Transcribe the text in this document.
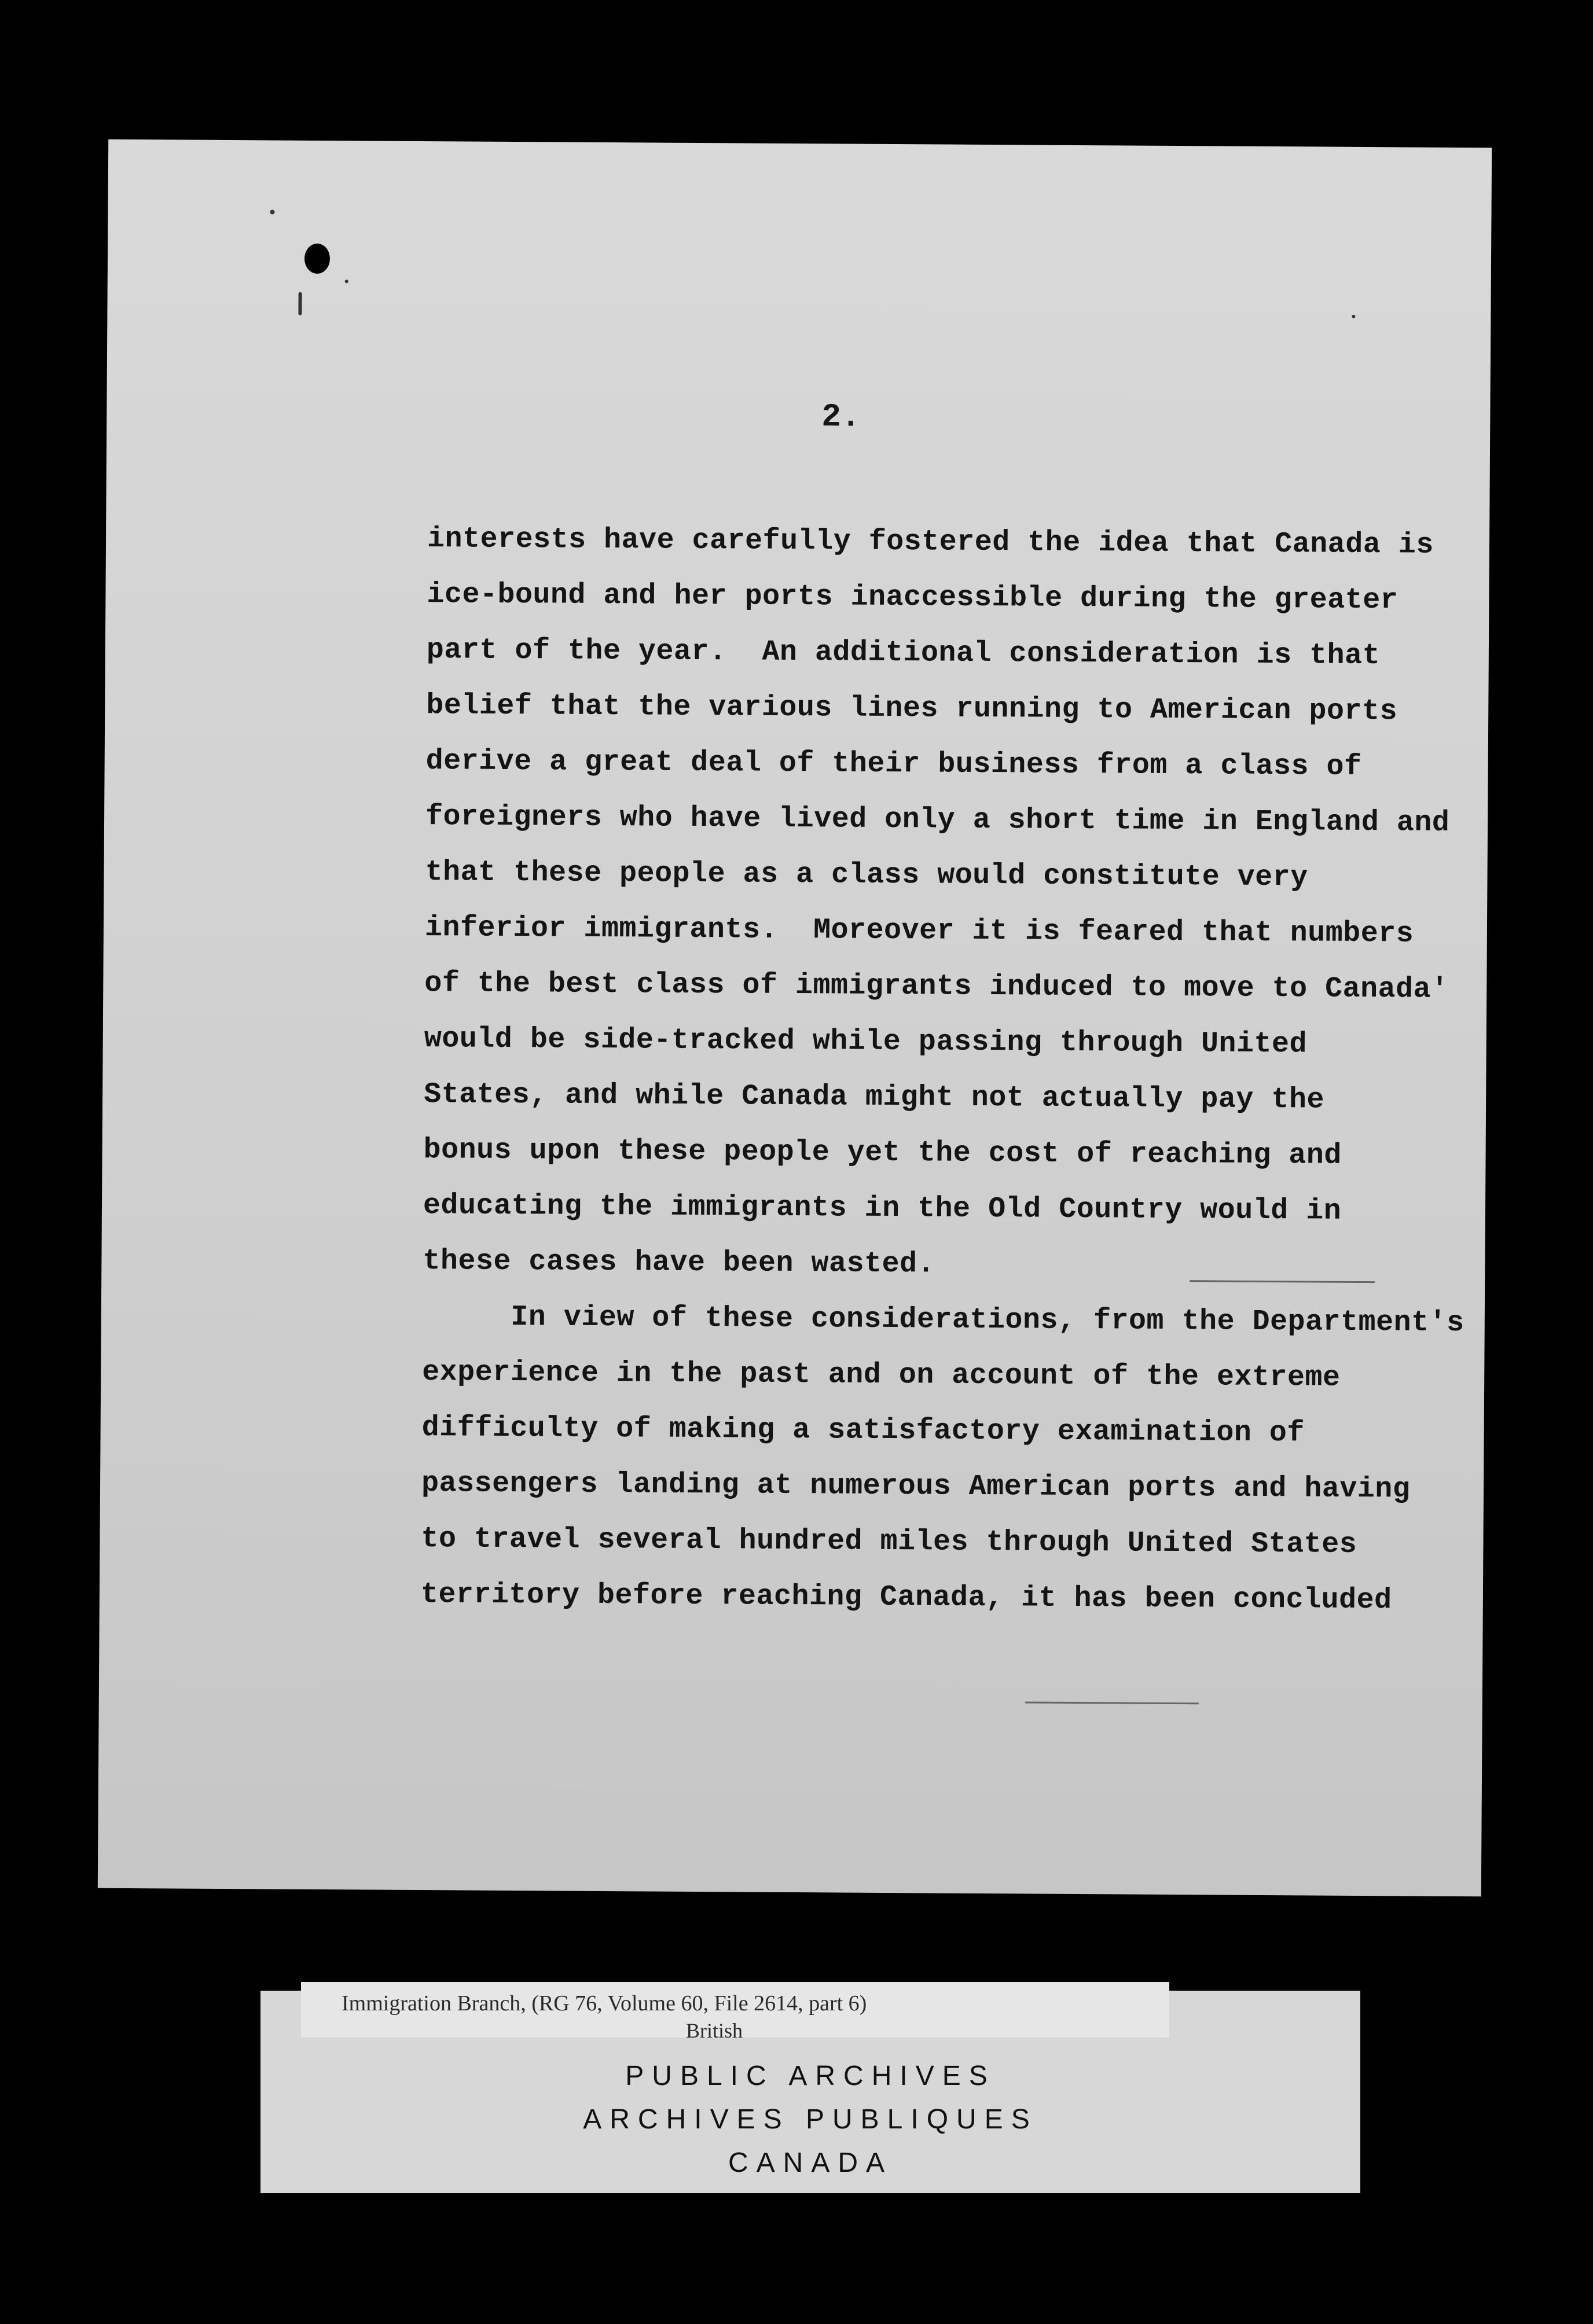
2.
interests have carefully fostered the idea that Canada is
ice-bound and her ports inaccessible during the greater
part of the year.  An additional consideration is that
belief that the various lines running to American ports
derive a great deal of their business from a class of
foreigners who have lived only a short time in England and
that these people as a class would constitute very
inferior immigrants.  Moreover it is feared that numbers
of the best class of immigrants induced to move to Canada'
would be side-tracked while passing through United
States, and while Canada might not actually pay the
bonus upon these people yet the cost of reaching and
educating the immigrants in the Old Country would in
these cases have been wasted.
In view of these considerations, from the Department's
experience in the past and on account of the extreme
difficulty of making a satisfactory examination of
passengers landing at numerous American ports and having
to travel several hundred miles through United States
territory before reaching Canada, it has been concluded
Immigration Branch, (RG 76, Volume 60, File 2614, part 6)
British
PUBLIC ARCHIVES
ARCHIVES PUBLIQUES
CANADA
